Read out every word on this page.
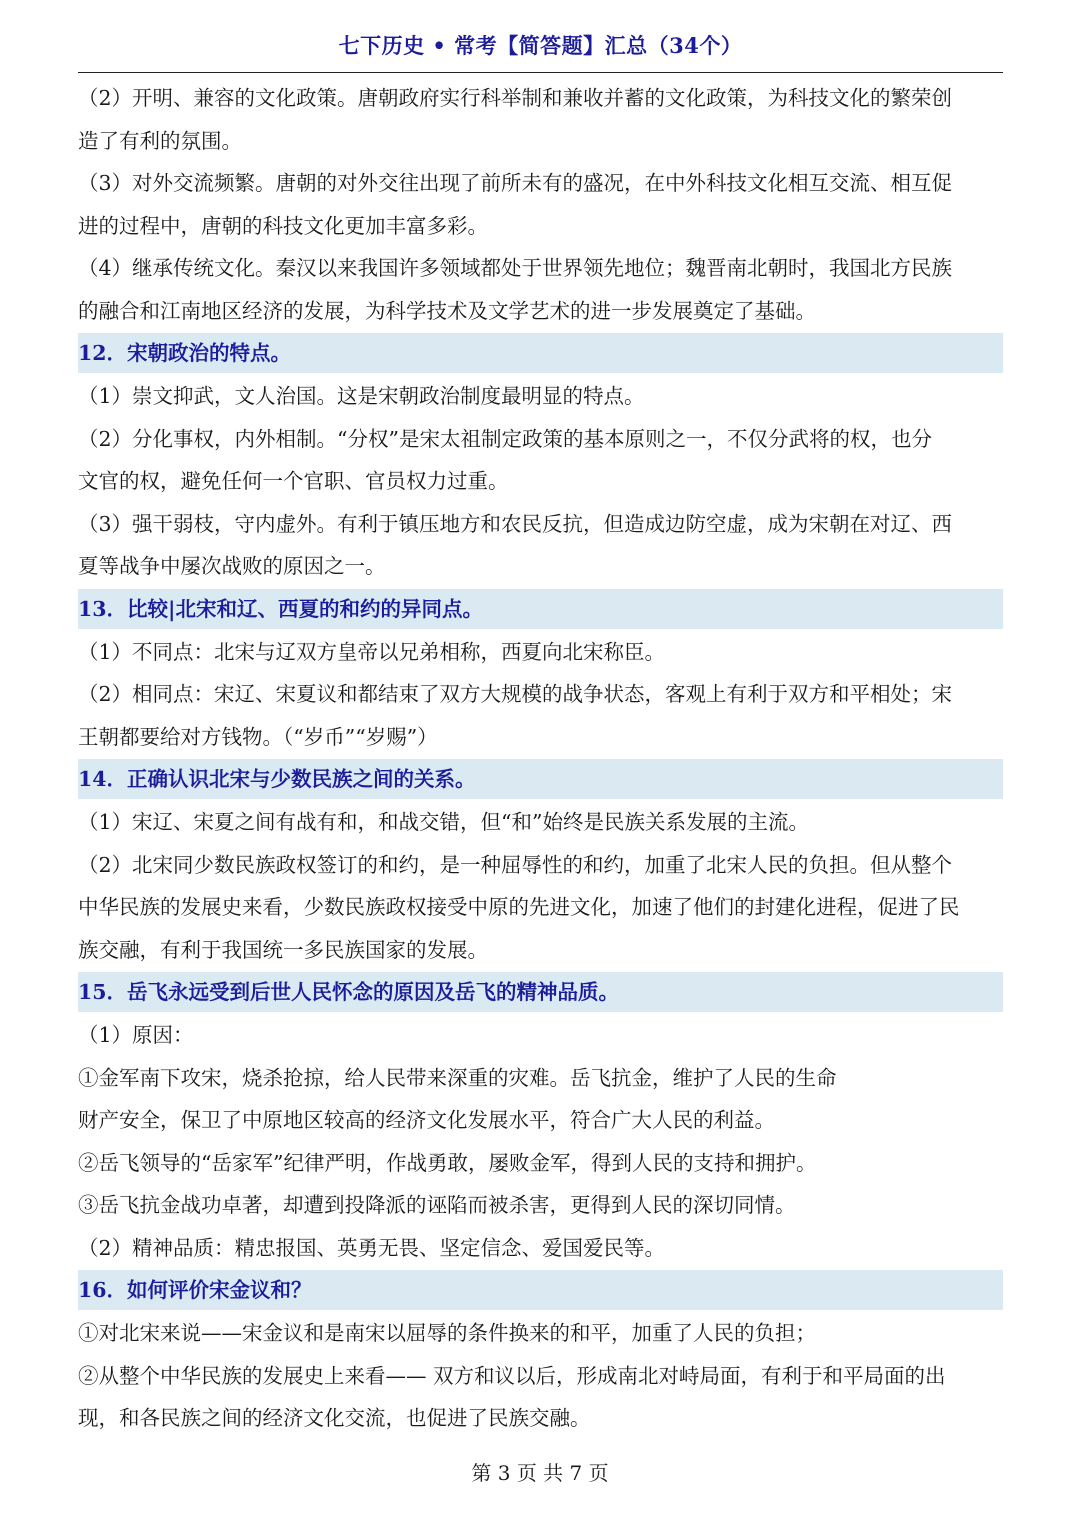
七下历史 • 常考【简答题】汇总（34个）
（2）开明、兼容的文化政策。唐朝政府实行科举制和兼收并蓄的文化政策，为科技文化的繁荣创
造了有利的氛围。
（3）对外交流频繁。唐朝的对外交往出现了前所未有的盛况，在中外科技文化相互交流、相互促
进的过程中，唐朝的科技文化更加丰富多彩。
（4）继承传统文化。秦汉以来我国许多领域都处于世界领先地位；魏晋南北朝时，我国北方民族
的融合和江南地区经济的发展，为科学技术及文学艺术的进一步发展奠定了基础。
12．宋朝政治的特点。
（1）崇文抑武，文人治国。这是宋朝政治制度最明显的特点。
（2）分化事权，内外相制。“分权”是宋太祖制定政策的基本原则之一，不仅分武将的权，也分
文官的权，避免任何一个官职、官员权力过重。
（3）强干弱枝，守内虚外。有利于镇压地方和农民反抗，但造成边防空虚，成为宋朝在对辽、西
夏等战争中屡次战败的原因之一。
13．比较|北宋和辽、西夏的和约的异同点。
（1）不同点：北宋与辽双方皇帝以兄弟相称，西夏向北宋称臣。
（2）相同点：宋辽、宋夏议和都结束了双方大规模的战争状态，客观上有利于双方和平相处；宋
王朝都要给对方钱物。（“岁币”“岁赐”）
14．正确认识北宋与少数民族之间的关系。
（1）宋辽、宋夏之间有战有和，和战交错，但“和”始终是民族关系发展的主流。
（2）北宋同少数民族政权签订的和约，是一种屈辱性的和约，加重了北宋人民的负担。但从整个
中华民族的发展史来看，少数民族政权接受中原的先进文化，加速了他们的封建化进程，促进了民
族交融，有利于我国统一多民族国家的发展。
15．岳飞永远受到后世人民怀念的原因及岳飞的精神品质。
（1）原因：
①金军南下攻宋，烧杀抢掠，给人民带来深重的灾难。岳飞抗金，维护了人民的生命
财产安全，保卫了中原地区较高的经济文化发展水平，符合广大人民的利益。
②岳飞领导的“岳家军”纪律严明，作战勇敢，屡败金军，得到人民的支持和拥护。
③岳飞抗金战功卓著，却遭到投降派的诬陷而被杀害，更得到人民的深切同情。
（2）精神品质：精忠报国、英勇无畏、坚定信念、爱国爱民等。
16．如何评价宋金议和？
①对北宋来说——宋金议和是南宋以屈辱的条件换来的和平，加重了人民的负担；
②从整个中华民族的发展史上来看—— 双方和议以后，形成南北对峙局面，有利于和平局面的出
现，和各民族之间的经济文化交流，也促进了民族交融。
第 3 页 共 7 页
